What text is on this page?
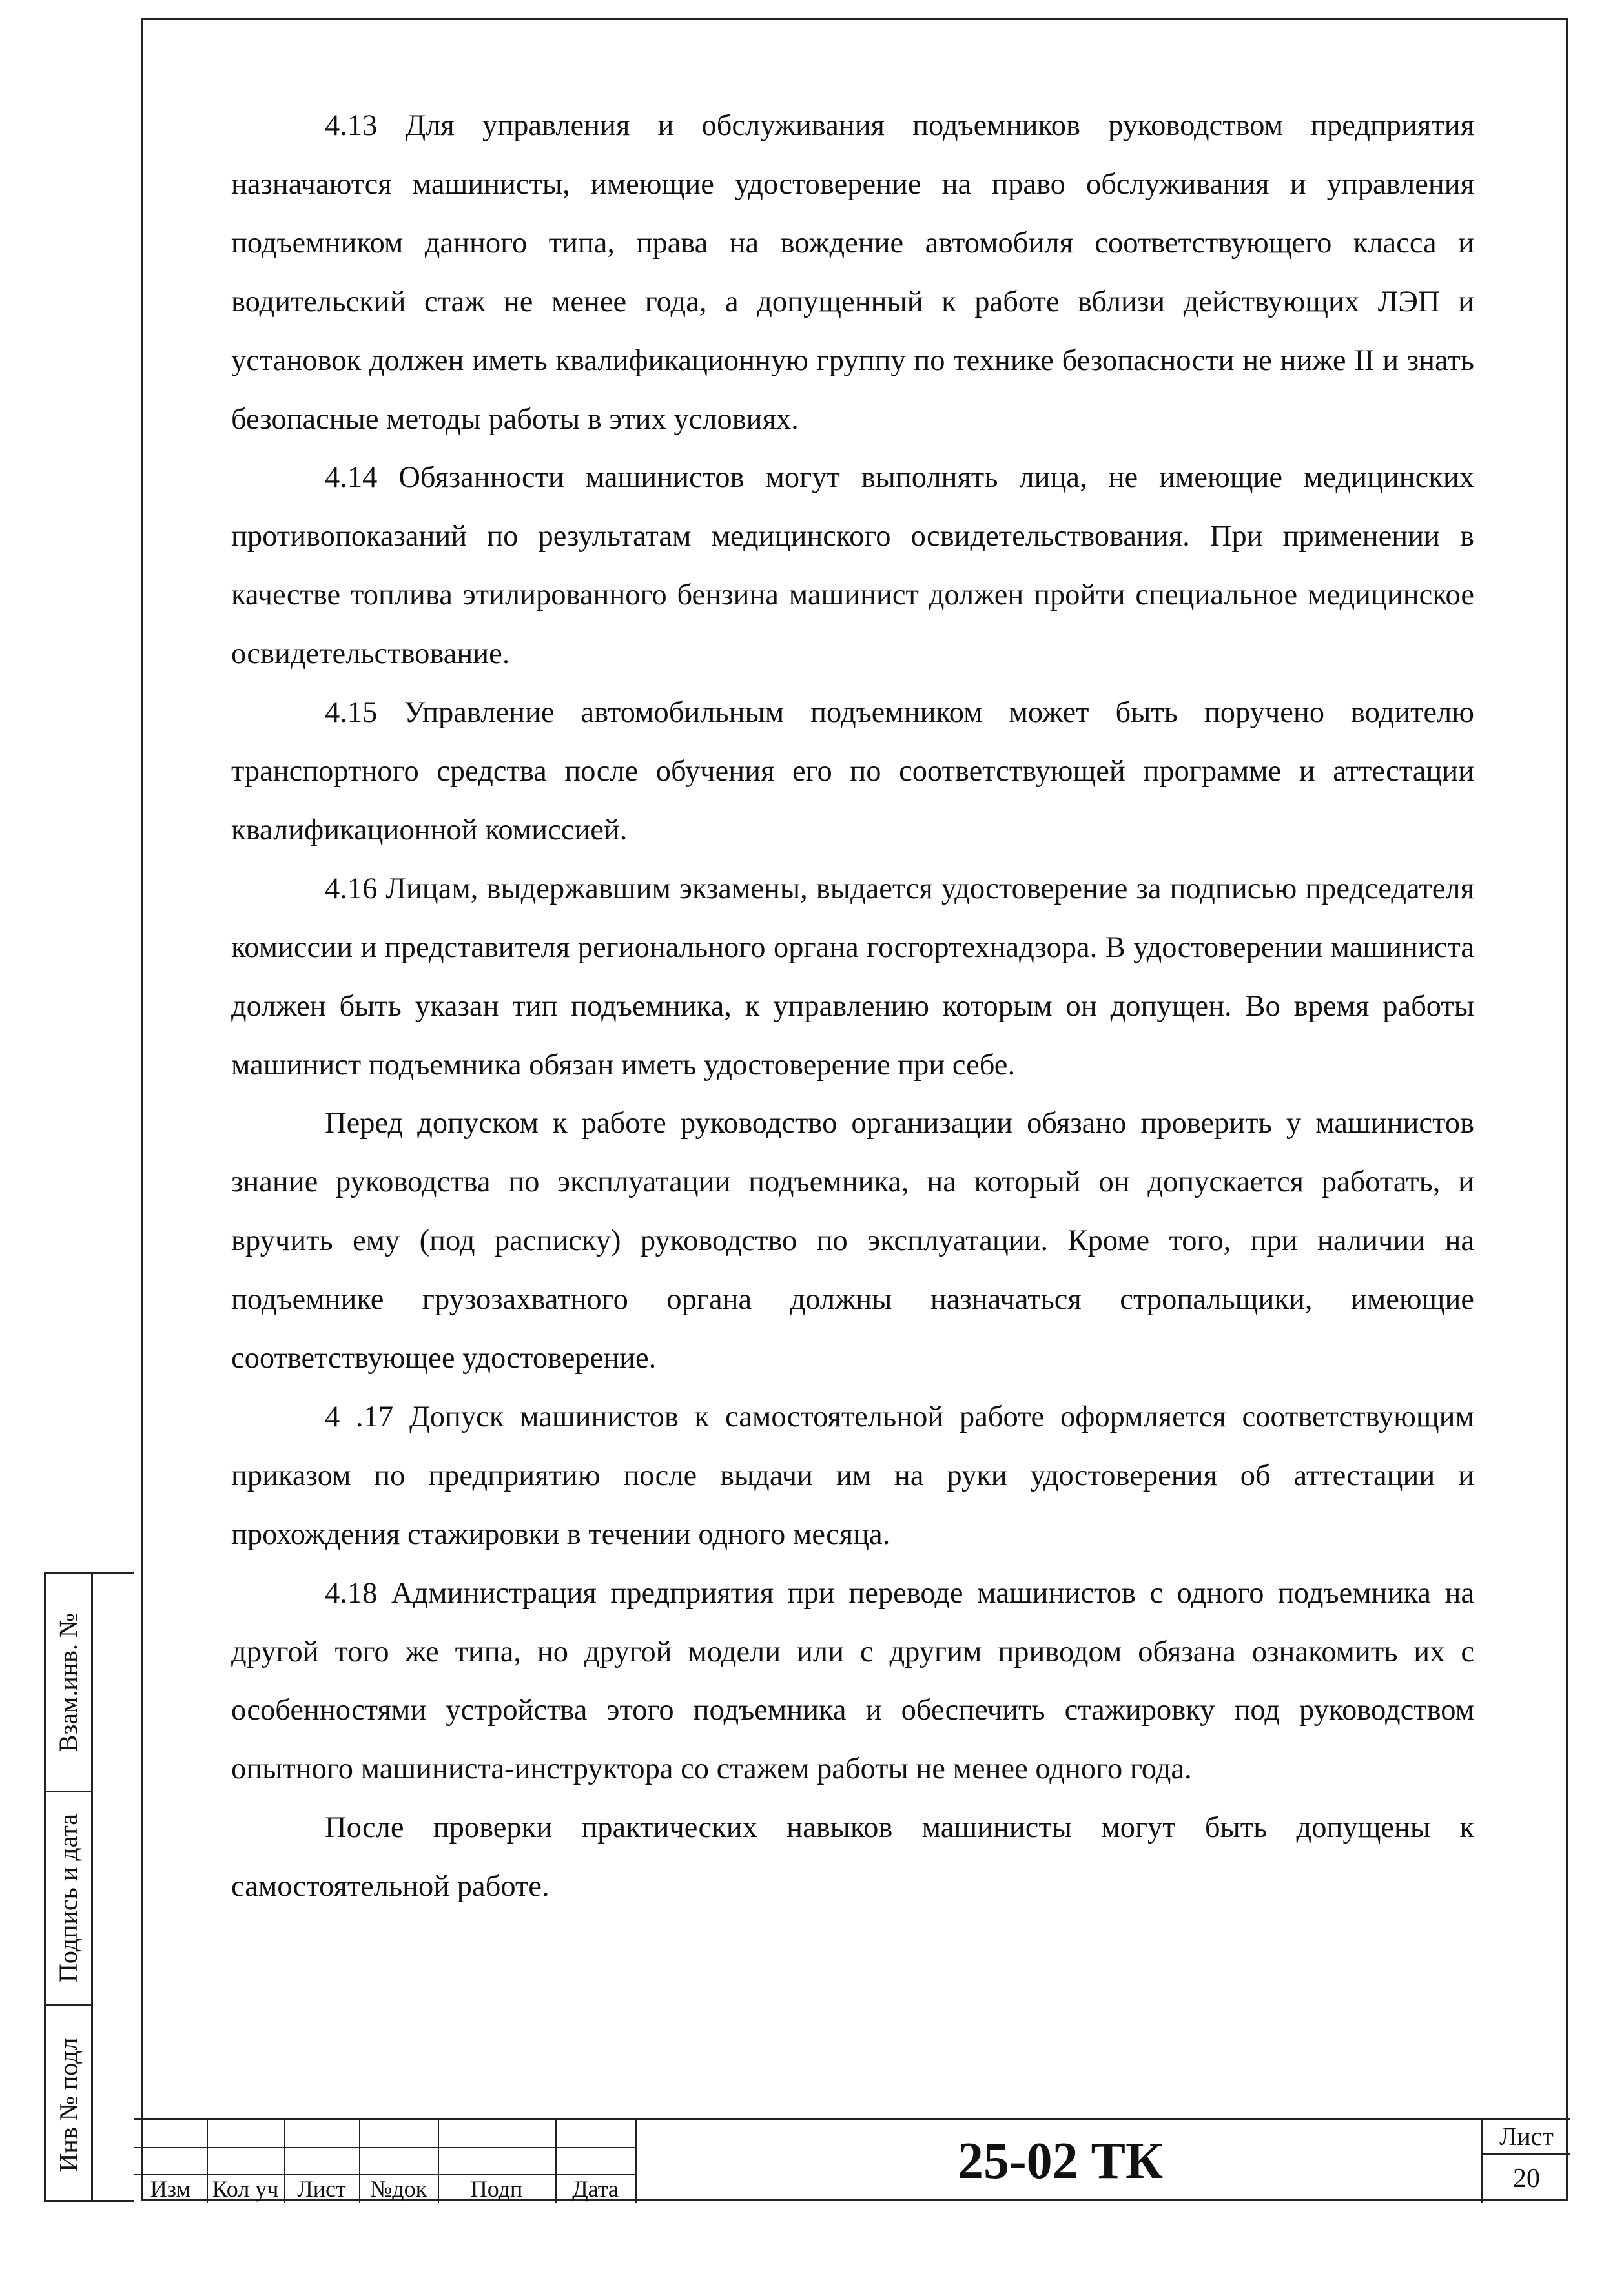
Взам.инв. №
Подпись и дата
Инв № подл

4.13 Для управления и обслуживания подъемников руководством предприятия назначаются машинисты, имеющие удостоверение на право обслуживания и управления подъемником данного типа, права на вождение автомобиля соответствующего класса и водительский стаж не менее года, а допущенный к работе вблизи действующих ЛЭП и установок должен иметь квалификационную группу по технике безопасности не ниже II и знать безопасные методы работы в этих условиях.

4.14 Обязанности машинистов могут выполнять лица, не имеющие медицинских противопоказаний по результатам медицинского освидетельствования. При применении в качестве топлива этилированного бензина машинист должен пройти специальное медицинское освидетельствование.

4.15 Управление автомобильным подъемником может быть поручено водителю транспортного средства после обучения его по соответствующей программе и аттестации квалификационной комиссией.

4.16 Лицам, выдержавшим экзамены, выдается удостоверение за подписью председателя комиссии и представителя регионального органа госгортехнадзора. В удостоверении машиниста должен быть указан тип подъемника, к управлению которым он допущен. Во время работы машинист подъемника обязан иметь удостоверение при себе.

Перед допуском к работе руководство организации обязано проверить у машинистов знание руководства по эксплуатации подъемника, на который он допускается работать, и вручить ему (под расписку) руководство по эксплуатации. Кроме того, при наличии на подъемнике грузозахватного органа должны назначаться стропальщики, имеющие соответствующее удостоверение.

4 .17 Допуск машинистов к самостоятельной работе оформляется соответствующим приказом по предприятию после выдачи им на руки удостоверения об аттестации и прохождения стажировки в течении одного месяца.

4.18 Администрация предприятия при переводе машинистов с одного подъемника на другой того же типа, но другой модели или с другим приводом обязана ознакомить их с особенностями устройства этого подъемника и обеспечить стажировку под руководством опытного машиниста-инструктора со стажем работы не менее одного года.

После проверки практических навыков машинисты могут быть допущены к самостоятельной работе.

Изм Кол уч Лист	№док	Подп	Дата	25-02 ТК	Лист
20
